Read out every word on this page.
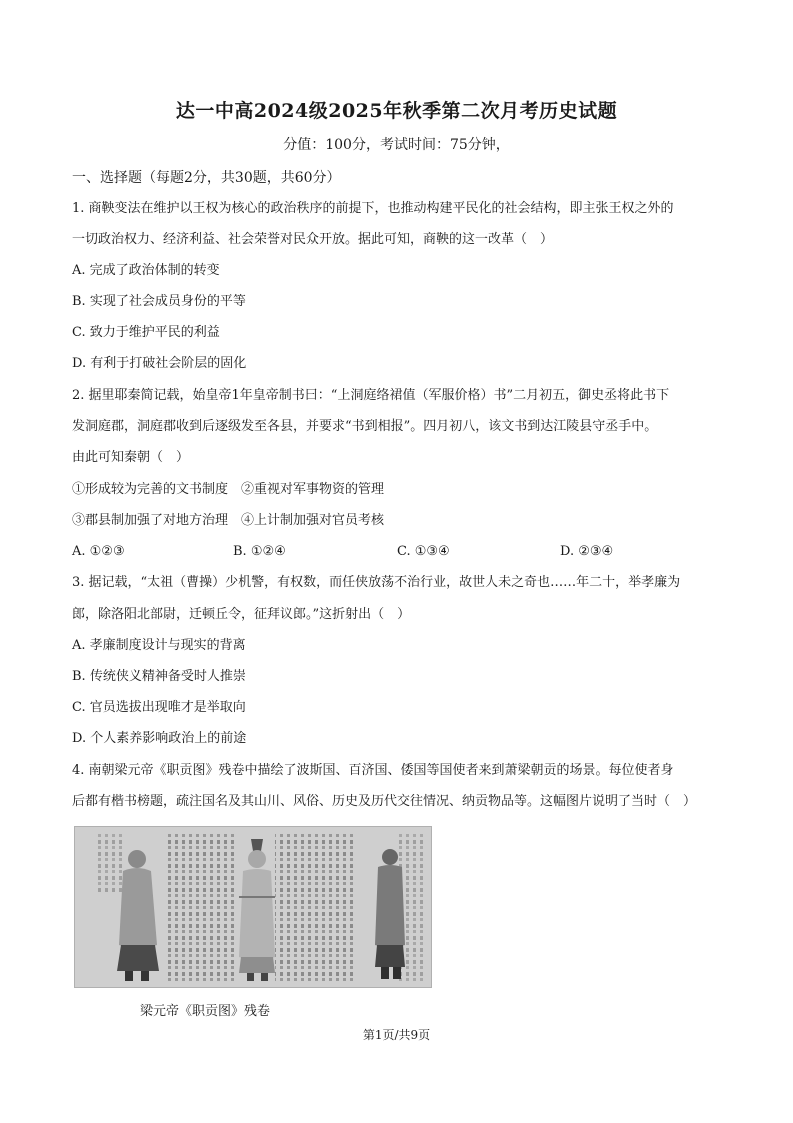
达一中高2024级2025年秋季第二次月考历史试题
分值：100分，考试时间：75分钟，
一、选择题（每题2分，共30题，共60分）
1. 商鞅变法在维护以王权为核心的政治秩序的前提下，也推动构建平民化的社会结构，即主张王权之外的
一切政治权力、经济利益、社会荣誉对民众开放。据此可知，商鞅的这一改革（　）
A. 完成了政治体制的转变
B. 实现了社会成员身份的平等
C. 致力于维护平民的利益
D. 有利于打破社会阶层的固化
2. 据里耶秦简记载，始皇帝1年皇帝制书曰：“上洞庭络裙值（军服价格）书”二月初五，御史丞将此书下
发洞庭郡，洞庭郡收到后逐级发至各县，并要求“书到相报”。四月初八，该文书到达江陵县守丞手中。
由此可知秦朝（　）
①形成较为完善的文书制度　②重视对军事物资的管理
③郡县制加强了对地方治理　④上计制加强对官员考核
A. ①②③	B. ①②④	C. ①③④	D. ②③④
3. 据记载，“太祖（曹操）少机警，有权数，而任侠放荡不治行业，故世人未之奇也……年二十，举孝廉为
郎，除洛阳北部尉，迁顿丘令，征拜议郎。”这折射出（　）
A. 孝廉制度设计与现实的背离
B. 传统侠义精神备受时人推崇
C. 官员选拔出现唯才是举取向
D. 个人素养影响政治上的前途
4. 南朝梁元帝《职贡图》残卷中描绘了波斯国、百济国、倭国等国使者来到萧梁朝贡的场景。每位使者身
后都有楷书榜题，疏注国名及其山川、风俗、历史及历代交往情况、纳贡物品等。这幅图片说明了当时（　）
梁元帝《职贡图》残卷
第1页/共9页
